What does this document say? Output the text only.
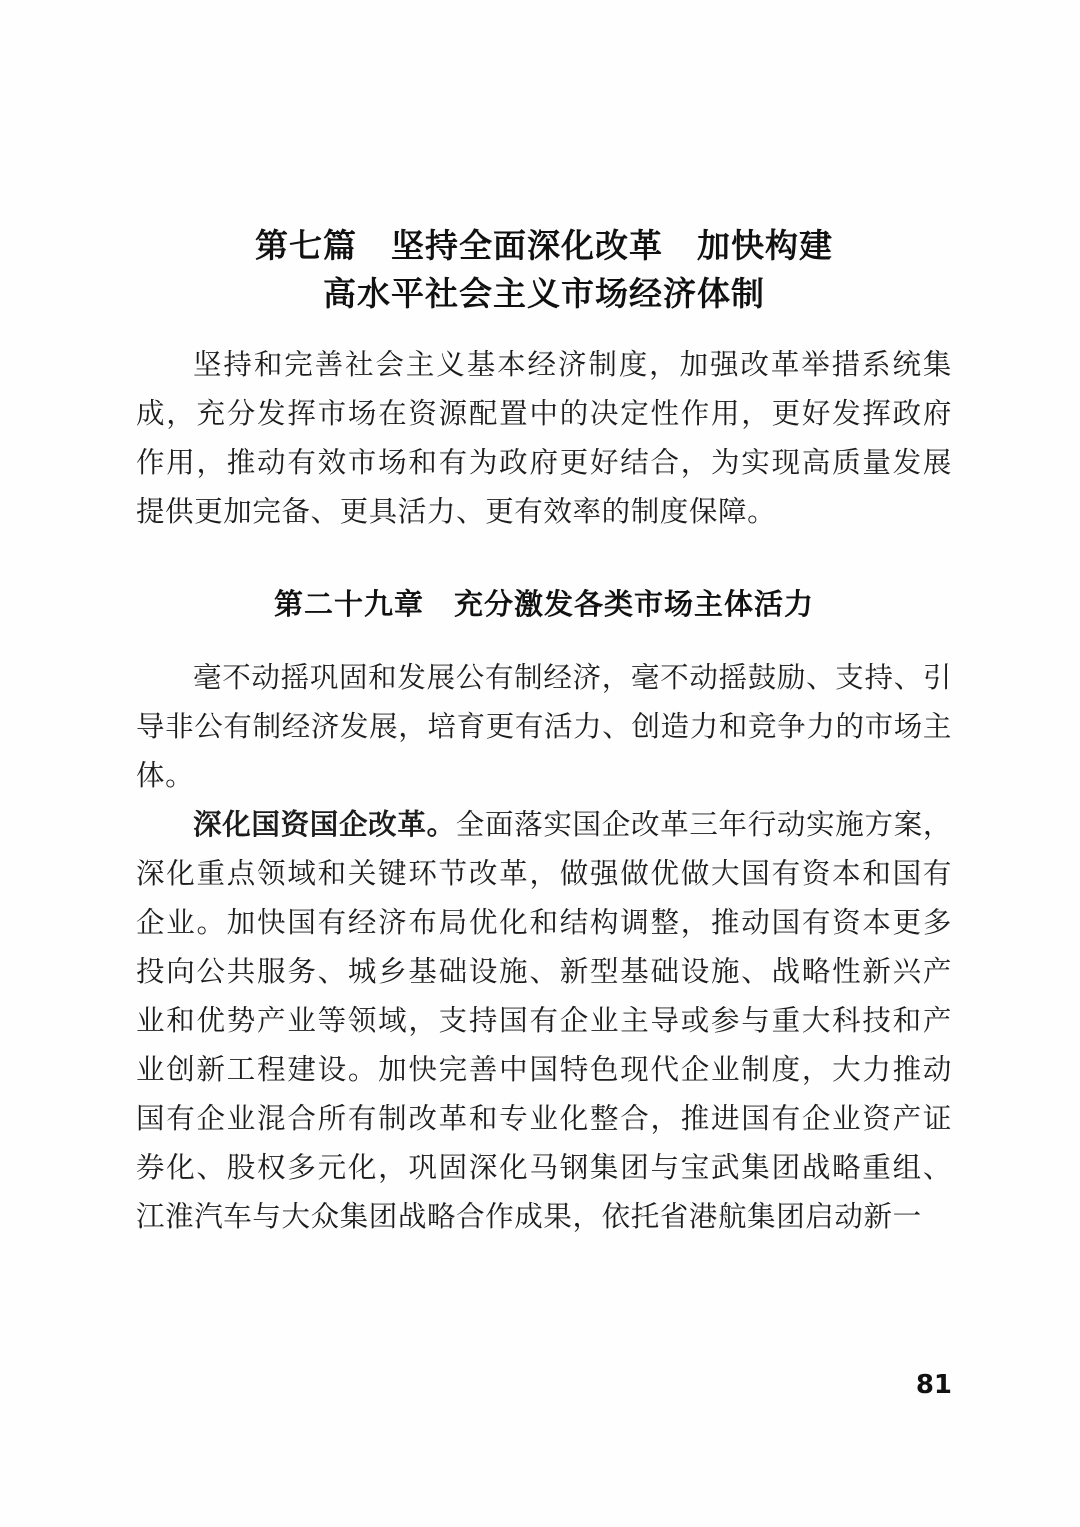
第七篇　坚持全面深化改革　加快构建
高水平社会主义市场经济体制

坚持和完善社会主义基本经济制度，加强改革举措系统集成，充分发挥市场在资源配置中的决定性作用，更好发挥政府 作用，推动有效市场和有为政府更好结合，为实现高质量发展 提供更加完备、更具活力、更有效率的制度保障。

第二十九章　充分激发各类市场主体活力

毫不动摇巩固和发展公有制经济，毫不动摇鼓励、支持、引导非公有制经济发展，培育更有活力、创造力和竞争力的市场主体。

深化国资国企改革。全面落实国企改革三年行动实施方案， 深化重点领域和关键环节改革，做强做优做大国有资本和国有 企业。加快国有经济布局优化和结构调整，推动国有资本更多 投向公共服务、城乡基础设施、新型基础设施、战略性新兴产 业和优势产业等领域，支持国有企业主导或参与重大科技和产 业创新工程建设。加快完善中国特色现代企业制度，大力推动 国有企业混合所有制改革和专业化整合，推进国有企业资产证 券化、股权多元化，巩固深化马钢集团与宝武集团战略重组、 江淮汽车与大众集团战略合作成果，依托省港航集团启动新一

81
